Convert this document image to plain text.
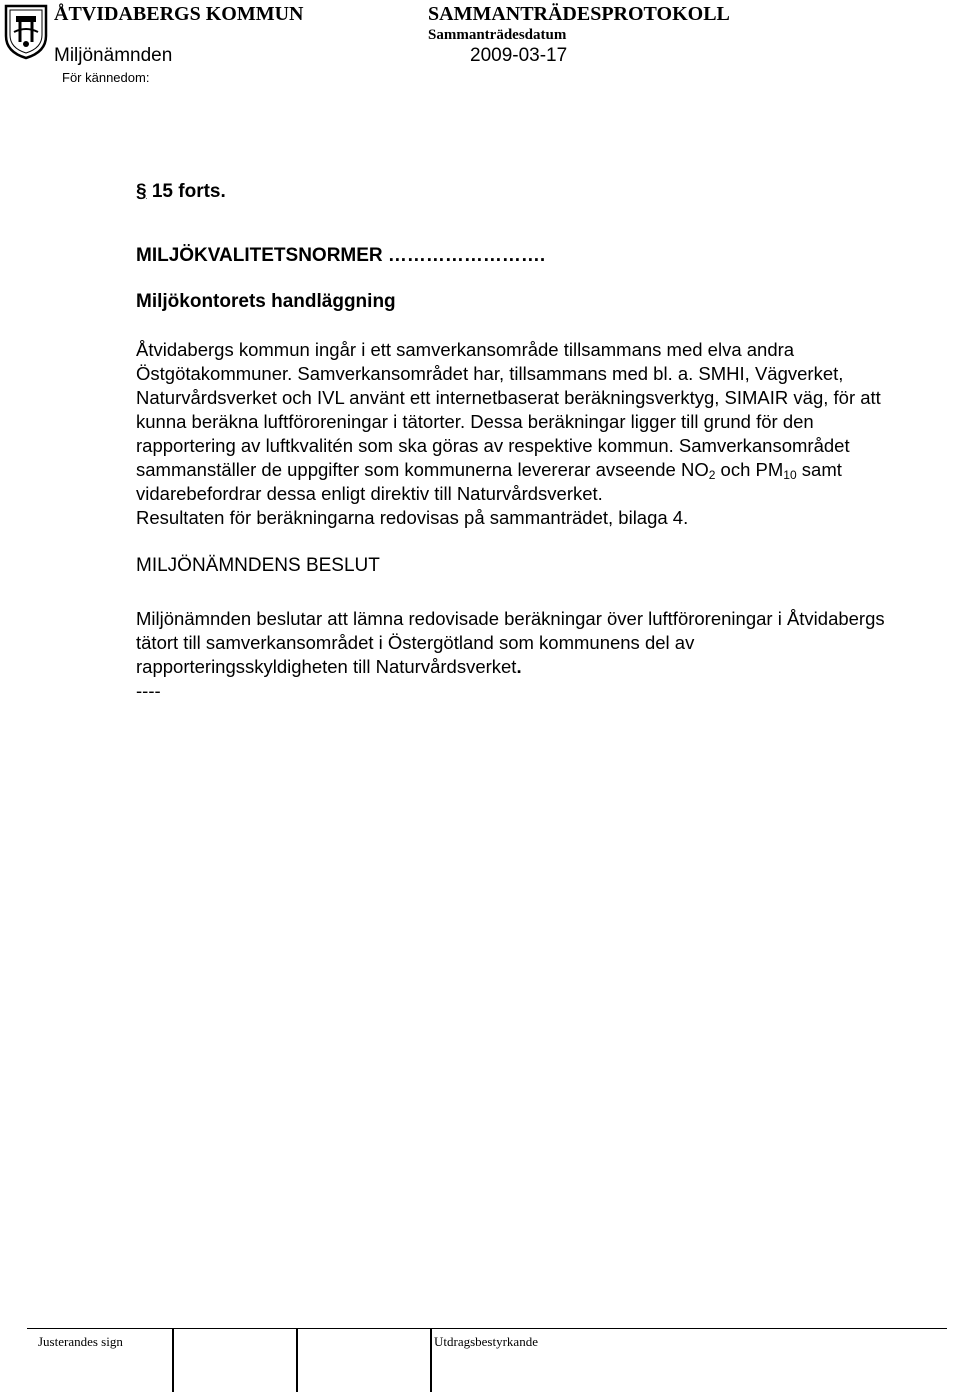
ÅTVIDABERGS KOMMUN	SAMMANTRÄDESPROTOKOLL
Sammanträdesdatum
Miljönämnden	2009-03-17
För kännedom:

§ 15 forts.

MILJÖKVALITETSNORMER …………………….

Miljökontorets handläggning

Åtvidabergs kommun ingår i ett samverkansområde tillsammans med elva andra Östgötakommuner. Samverkansområdet har, tillsammans med bl. a. SMHI, Vägverket, Naturvårdsverket och IVL använt ett internetbaserat beräkningsverktyg, SIMAIR väg, för att kunna beräkna luftföroreningar i tätorter. Dessa beräkningar ligger till grund för den rapportering av luftkvalitén som ska göras av respektive kommun. Samverkansområdet sammanställer de uppgifter som kommunerna levererar avseende $NO_2$ och $PM_{10}$ samt vidarebefordrar dessa enligt direktiv till Naturvårdsverket.

Resultaten för beräkningarna redovisas på sammanträdet, bilaga 4.

MILJÖNÄMNDENS BESLUT

Miljönämnden beslutar att lämna redovisade beräkningar över luftföroreningar i Åtvidabergs tätort till samverkansområdet i Östergötland som kommunens del av rapporteringsskyldigheten till Naturvårdsverket.

----

Justerandes sign	Utdragsbestyrkande
